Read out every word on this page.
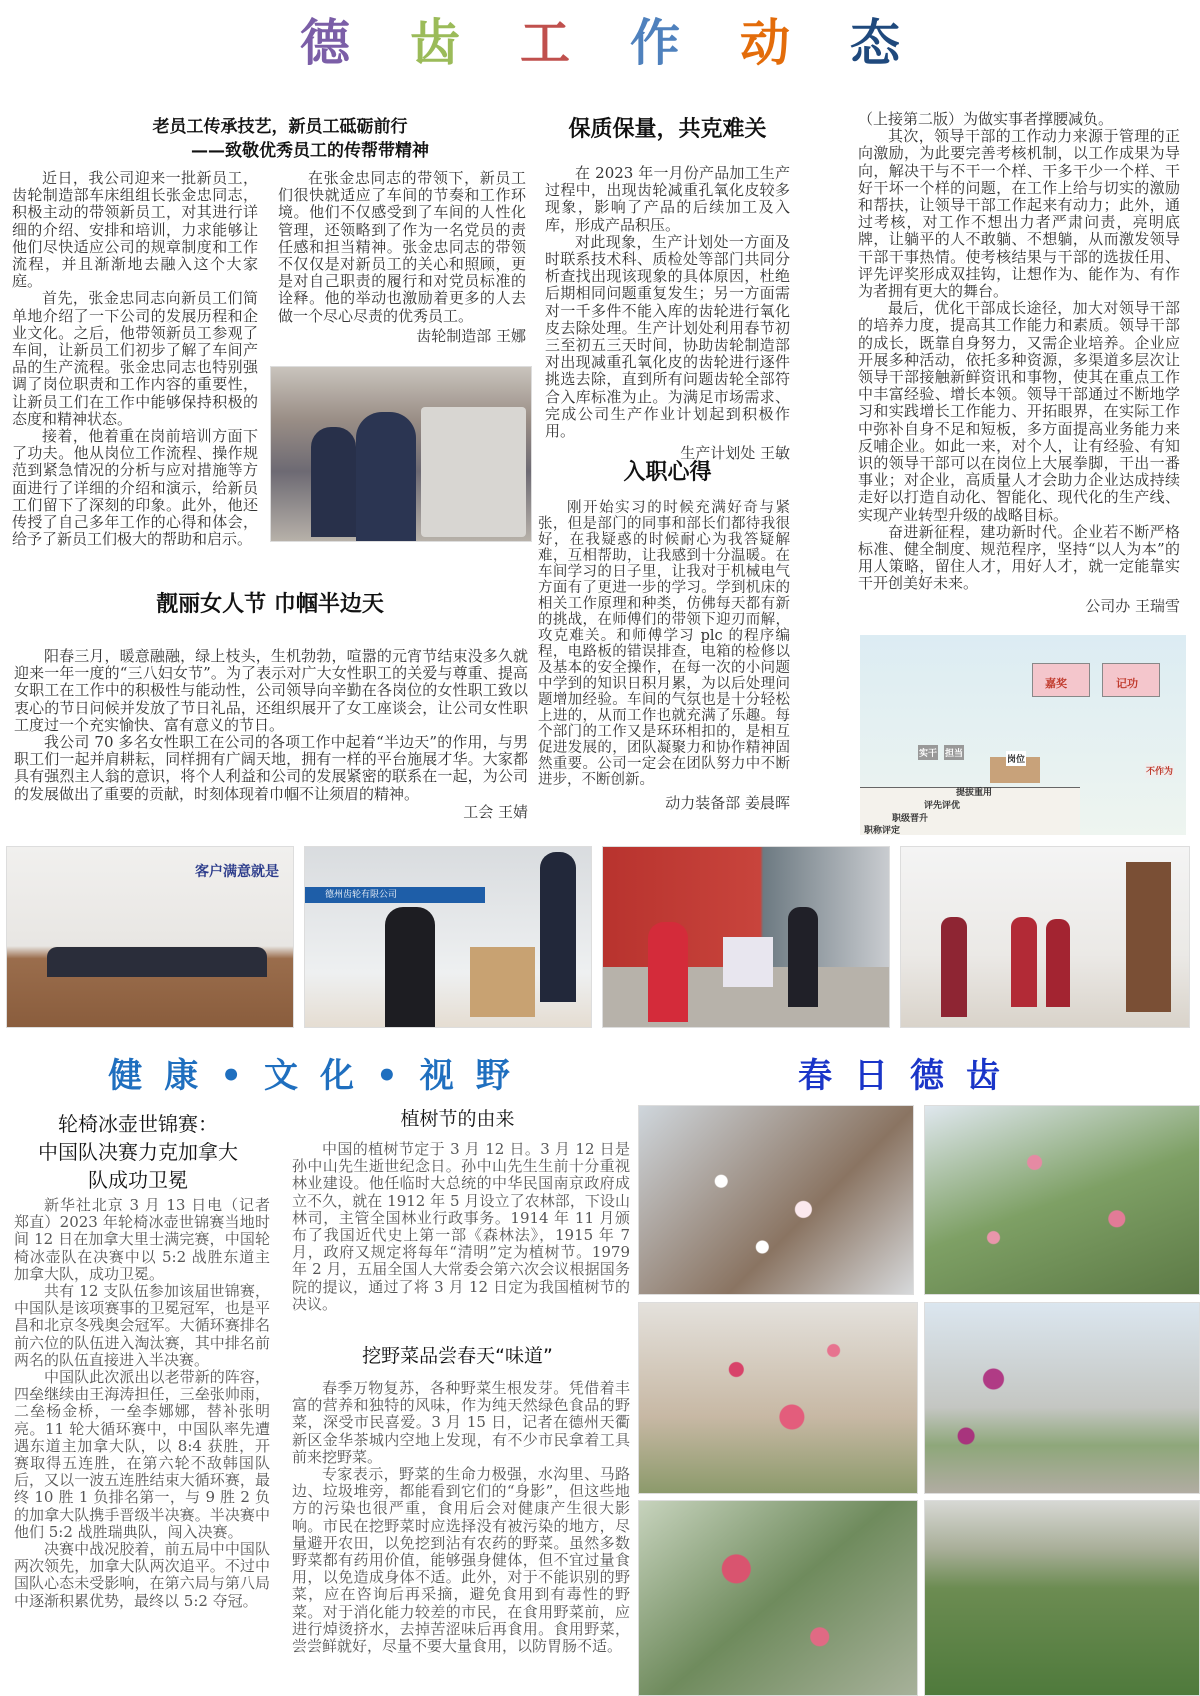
德 齿 工 作 动 态
老员工传承技艺，新员工砥砺前行
——致敬优秀员工的传帮带精神

近日，我公司迎来一批新员工，齿轮制造部车床组组长张金忠同志，积极主动的带领新员工，对其进行详细的介绍、安排和培训，力求能够让他们尽快适应公司的规章制度和工作流程，并且渐渐地去融入这个大家庭。

首先，张金忠同志向新员工们简单地介绍了一下公司的发展历程和企业文化。之后，他带领新员工参观了车间，让新员工们初步了解了车间产品的生产流程。张金忠同志也特别强调了岗位职责和工作内容的重要性，让新员工们在工作中能够保持积极的态度和精神状态。

接着，他着重在岗前培训方面下了功夫。他从岗位工作流程、操作规范到紧急情况的分析与应对措施等方面进行了详细的介绍和演示，给新员工们留下了深刻的印象。此外，他还传授了自己多年工作的心得和体会，给予了新员工们极大的帮助和启示。

在张金忠同志的带领下，新员工们很快就适应了车间的节奏和工作环境。他们不仅感受到了车间的人性化管理，还领略到了作为一名党员的责任感和担当精神。张金忠同志的带领不仅仅是对新员工的关心和照顾，更是对自己职责的履行和对党员标准的诠释。他的举动也激励着更多的人去做一个尽心尽责的优秀员工。

齿轮制造部 王娜
保质保量，共克难关

在 2023 年一月份产品加工生产过程中，出现齿轮减重孔氧化皮较多现象，影响了产品的后续加工及入库，形成产品积压。

对此现象，生产计划处一方面及时联系技术科、质检处等部门共同分析查找出现该现象的具体原因，杜绝后期相同问题重复发生；另一方面需对一千多件不能入库的齿轮进行氧化皮去除处理。生产计划处利用春节初三至初五三天时间，协助齿轮制造部对出现减重孔氧化皮的齿轮进行逐件挑选去除，直到所有问题齿轮全部符合入库标准为止。为满足市场需求、完成公司生产作业计划起到积极作用。

生产计划处 王敏
入职心得

刚开始实习的时候充满好奇与紧张，但是部门的同事和部长们都待我很好，在我疑惑的时候耐心为我答疑解难，互相帮助，让我感到十分温暖。在车间学习的日子里，让我对于机械电气方面有了更进一步的学习。学到机床的相关工作原理和种类，仿佛每天都有新的挑战，在师傅们的带领下迎刃而解，攻克难关。和师傅学习 plc 的程序编程，电路板的错误排查，电箱的检修以及基本的安全操作，在每一次的小问题中学到的知识日积月累，为以后处理问题增加经验。车间的气氛也是十分轻松上进的，从而工作也就充满了乐趣。每个部门的工作又是环环相扣的，是相互促进发展的，团队凝聚力和协作精神固然重要。公司一定会在团队努力中不断进步，不断创新。

动力装备部 姜晨晖
（上接第二版）为做实事者撑腰减负。

其次，领导干部的工作动力来源于管理的正向激励，为此要完善考核机制，以工作成果为导向，解决干与不干一个样、干多干少一个样、干好干坏一个样的问题，在工作上给与切实的激励和帮扶，让领导干部工作起来有动力；此外，通过考核，对工作不想出力者严肃问责，亮明底牌，让躺平的人不敢躺、不想躺，从而激发领导干部干事热情。使考核结果与干部的选拔任用、评先评奖形成双挂钩，让想作为、能作为、有作为者拥有更大的舞台。

最后，优化干部成长途径，加大对领导干部的培养力度，提高其工作能力和素质。领导干部的成长，既靠自身努力，又需企业培养。企业应开展多种活动，依托多种资源，多渠道多层次让领导干部接触新鲜资讯和事物，使其在重点工作中丰富经验、增长本领。领导干部通过不断地学习和实践增长工作能力、开拓眼界，在实际工作中弥补自身不足和短板，多方面提高业务能力来反哺企业。如此一来，对个人，让有经验、有知识的领导干部可以在岗位上大展拳脚，干出一番事业；对企业，高质量人才会助力企业达成持续走好以打造自动化、智能化、现代化的生产线、实现产业转型升级的战略目标。

奋进新征程，建功新时代。企业若不断严格标准、健全制度、规范程序，坚持“以人为本”的用人策略，留住人才，用好人才，就一定能靠实干开创美好未来。

公司办 王瑞雪
嘉奖	记功
实干 担当
岗位
提拔重用
评先评优
职级晋升
职称评定
不作为
靓丽女人节 巾帼半边天

阳春三月，暖意融融，绿上枝头，生机勃勃，喧嚣的元宵节结束没多久就迎来一年一度的“三八妇女节”。为了表示对广大女性职工的关爱与尊重、提高女职工在工作中的积极性与能动性，公司领导向辛勤在各岗位的女性职工致以衷心的节日问候并发放了节日礼品，还组织展开了女工座谈会，让公司女性职工度过一个充实愉快、富有意义的节日。

我公司 70 多名女性职工在公司的各项工作中起着“半边天”的作用，与男职工们一起并肩耕耘，同样拥有广阔天地，拥有一样的平台施展才华。大家都具有强烈主人翁的意识，将个人利益和公司的发展紧密的联系在一起，为公司的发展做出了重要的贡献，时刻体现着巾帼不让须眉的精神。

工会 王婧
客户满意就是
德州齿轮有限公司
健康•文化•视野	春日德齿
轮椅冰壶世锦赛：
中国队决赛力克加拿大
队成功卫冕

新华社北京 3 月 13 日电（记者郑直）2023 年轮椅冰壶世锦赛当地时间 12 日在加拿大里士满完赛，中国轮椅冰壶队在决赛中以 5:2 战胜东道主加拿大队，成功卫冕。

共有 12 支队伍参加该届世锦赛，中国队是该项赛事的卫冕冠军，也是平昌和北京冬残奥会冠军。大循环赛排名前六位的队伍进入淘汰赛，其中排名前两名的队伍直接进入半决赛。

中国队此次派出以老带新的阵容，四垒继续由王海涛担任，三垒张帅雨，二垒杨金桥，一垒李娜娜，替补张明亮。11 轮大循环赛中，中国队率先遭遇东道主加拿大队，以 8:4 获胜，开赛取得五连胜，在第六轮不敌韩国队后，又以一波五连胜结束大循环赛，最终 10 胜 1 负排名第一，与 9 胜 2 负的加拿大队携手晋级半决赛。半决赛中他们 5:2 战胜瑞典队，闯入决赛。

决赛中战况胶着，前五局中中国队两次领先，加拿大队两次追平。不过中国队心态未受影响，在第六局与第八局中逐渐积累优势，最终以 5:2 夺冠。

植树节的由来

中国的植树节定于 3 月 12 日。3 月 12 日是孙中山先生逝世纪念日。孙中山先生生前十分重视林业建设。他任临时大总统的中华民国南京政府成立不久，就在 1912 年 5 月设立了农林部，下设山林司，主管全国林业行政事务。1914 年 11 月颁布了我国近代史上第一部《森林法》，1915 年 7 月，政府又规定将每年“清明”定为植树节。1979 年 2 月，五届全国人大常委会第六次会议根据国务院的提议，通过了将 3 月 12 日定为我国植树节的决议。

挖野菜品尝春天“味道”

春季万物复苏，各种野菜生根发芽。凭借着丰富的营养和独特的风味，作为纯天然绿色食品的野菜，深受市民喜爱。3 月 15 日，记者在德州天衢新区金华茶城内空地上发现，有不少市民拿着工具前来挖野菜。

专家表示，野菜的生命力极强，水沟里、马路边、垃圾堆旁，都能看到它们的“身影”，但这些地方的污染也很严重，食用后会对健康产生很大影响。市民在挖野菜时应选择没有被污染的地方，尽量避开农田，以免挖到沾有农药的野菜。虽然多数野菜都有药用价值，能够强身健体，但不宜过量食用，以免造成身体不适。此外，对于不能识别的野菜，应在咨询后再采摘，避免食用到有毒性的野菜。对于消化能力较差的市民，在食用野菜前，应进行焯烫挤水，去掉苦涩味后再食用。食用野菜，尝尝鲜就好，尽量不要大量食用，以防胃肠不适。
